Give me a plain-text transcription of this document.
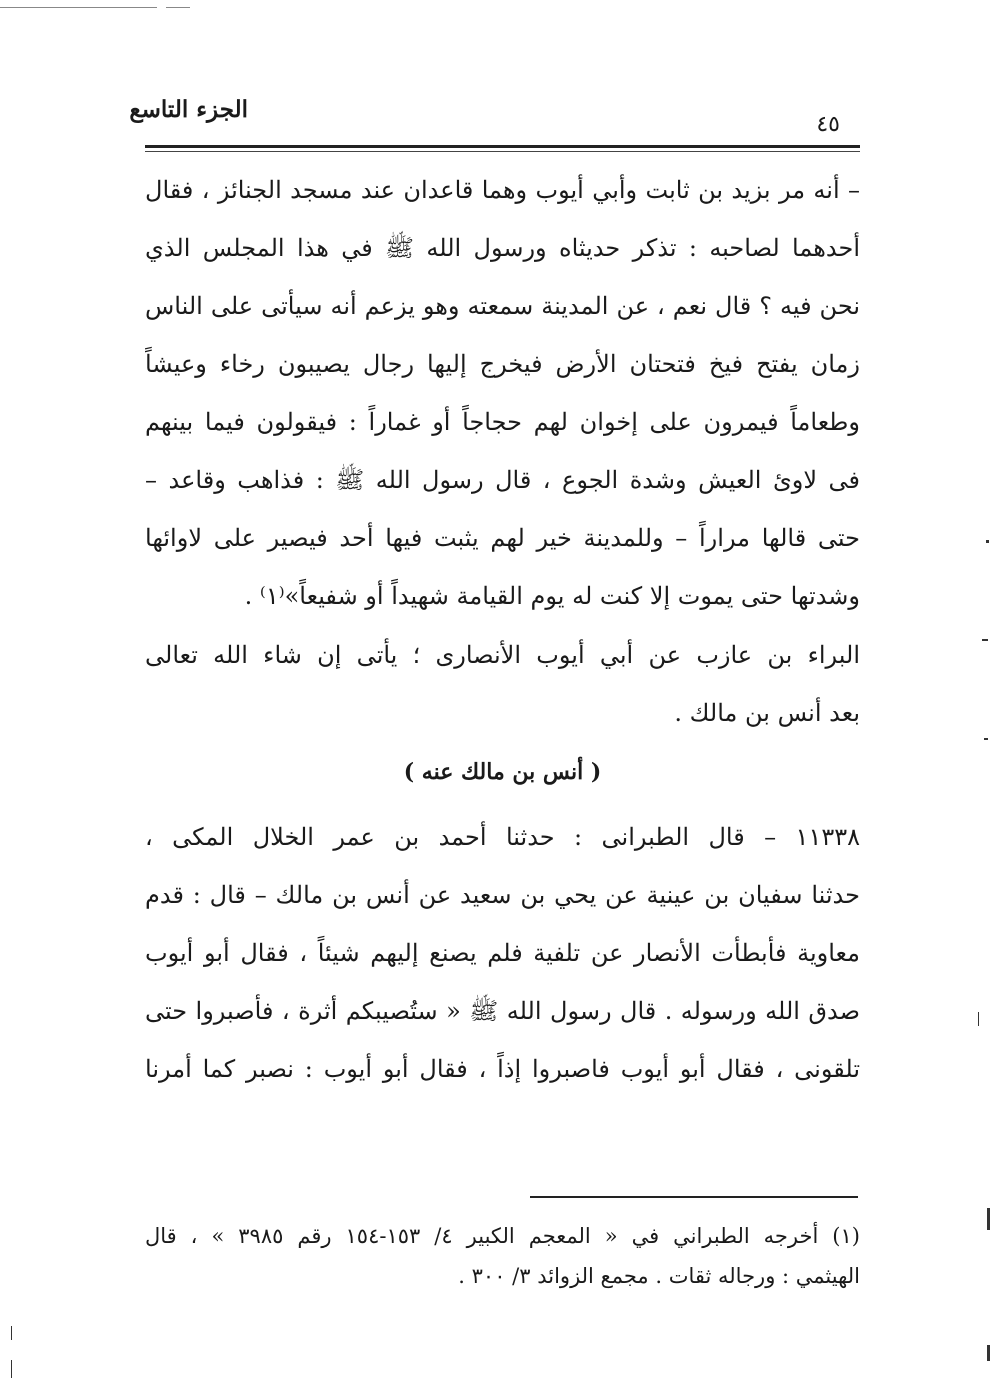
الجزء التاسع
٤٥
– أنه مر بزيد بن ثابت وأبي أيوب وهما قاعدان عند مسجد الجنائز ، فقال
أحدهما لصاحبه : تذكر حديثاه ورسول الله ﷺ في هذا المجلس الذي
نحن فيه ؟ قال نعم ، عن المدينة سمعته وهو يزعم أنه سيأتى على الناس
زمان يفتح فيخ فتحتان الأرض فيخرج إليها رجال يصيبون رخاء وعيشاً
وطعاماً فيمرون على إخوان لهم حجاجاً أو غماراً : فيقولون فيما بينهم
فى لاوئ العيش وشدة الجوع ، قال رسول الله ﷺ : فذاهب وقاعد –
حتى قالها مراراً – وللمدينة خير لهم يثبت فيها أحد فيصير على لاوائها
وشدتها حتى يموت إلا كنت له يوم القيامة شهيداً أو شفيعاً»⁽١⁾ .
البراء بن عازب عن أبي أيوب الأنصارى ؛ يأتى إن شاء الله تعالى
بعد أنس بن مالك .
( أنس بن مالك عنه )
١١٣٣٨ – قال الطبرانى : حدثنا أحمد بن عمر الخلال المكى ،
حدثنا سفيان بن عينية عن يحي بن سعيد عن أنس بن مالك – قال : قدم
معاوية فأبطأت الأنصار عن تلفية فلم يصنع إليهم شيئاً ، فقال أبو أيوب
صدق الله ورسوله . قال رسول الله ﷺ « ستُصيبكم أثرة ، فأصبروا حتى
تلقونى ، فقال أبو أيوب فاصبروا إذاً ، فقال أبو أيوب : نصبر كما أمرنا
(١) أخرجه الطبراني في « المعجم الكبير ٤/ ١٥٣-١٥٤ رقم ٣٩٨٥ » ، قال
الهيثمي : ورجاله ثقات . مجمع الزوائد ٣/ ٣٠٠ .
